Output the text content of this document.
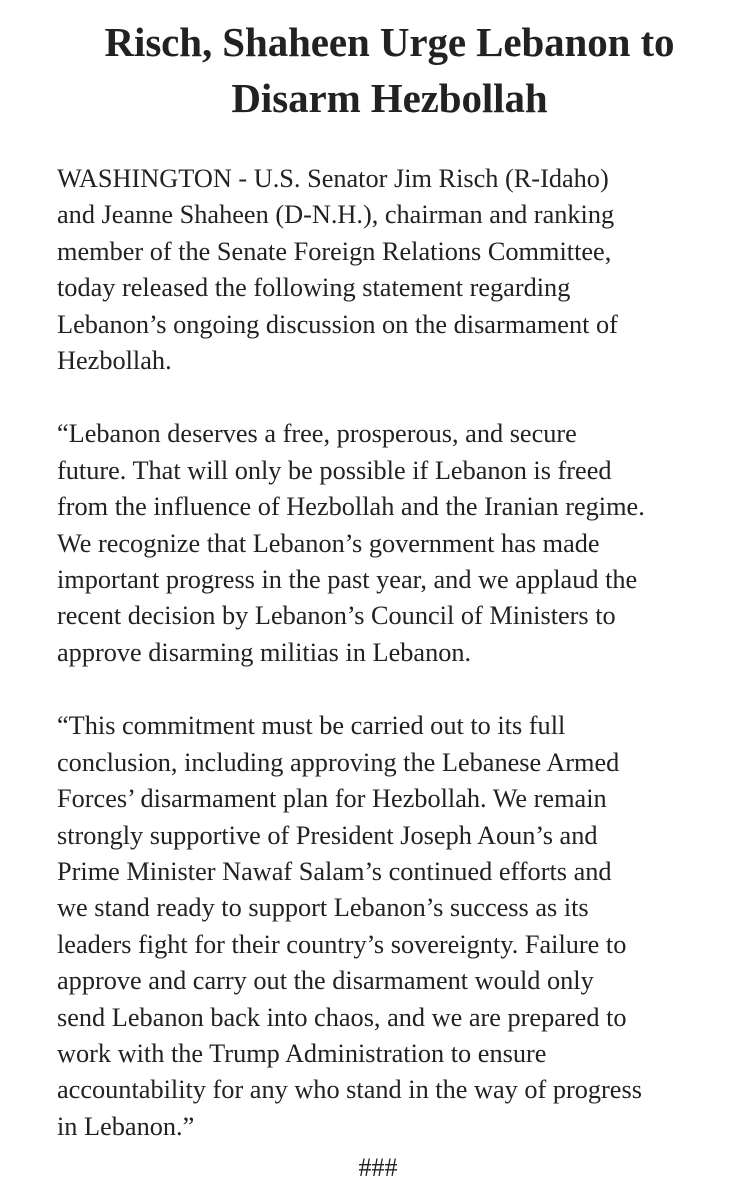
Risch, Shaheen Urge Lebanon to
Disarm Hezbollah

WASHINGTON - U.S. Senator Jim Risch (R-Idaho)
and Jeanne Shaheen (D-N.H.), chairman and ranking
member of the Senate Foreign Relations Committee,
today released the following statement regarding
Lebanon’s ongoing discussion on the disarmament of
Hezbollah.

“Lebanon deserves a free, prosperous, and secure
future. That will only be possible if Lebanon is freed
from the influence of Hezbollah and the Iranian regime.
We recognize that Lebanon’s government has made
important progress in the past year, and we applaud the
recent decision by Lebanon’s Council of Ministers to
approve disarming militias in Lebanon.

“This commitment must be carried out to its full
conclusion, including approving the Lebanese Armed
Forces’ disarmament plan for Hezbollah. We remain
strongly supportive of President Joseph Aoun’s and
Prime Minister Nawaf Salam’s continued efforts and
we stand ready to support Lebanon’s success as its
leaders fight for their country’s sovereignty. Failure to
approve and carry out the disarmament would only
send Lebanon back into chaos, and we are prepared to
work with the Trump Administration to ensure
accountability for any who stand in the way of progress
in Lebanon.”

###
